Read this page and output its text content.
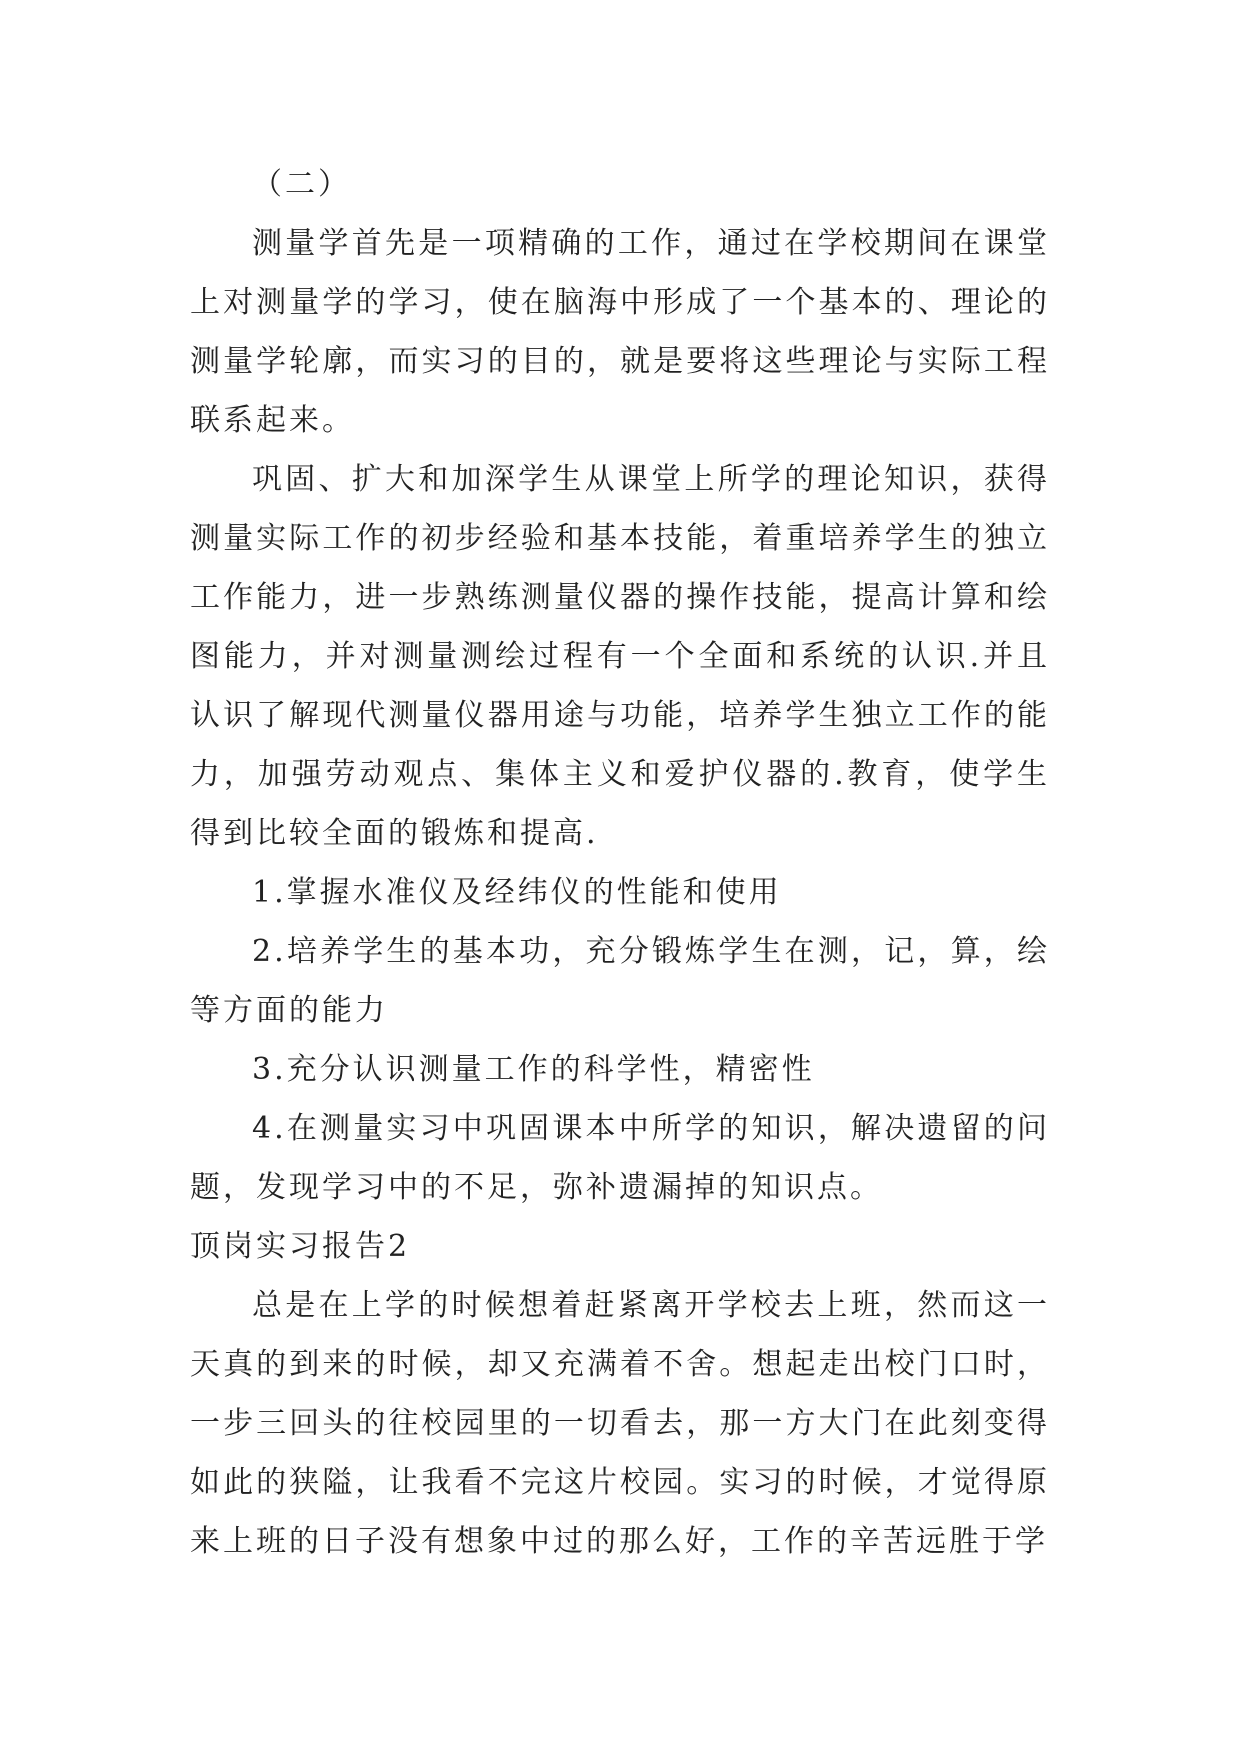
（二）

测量学首先是一项精确的工作，通过在学校期间在课堂上对测量学的学习，使在脑海中形成了一个基本的、理论的测量学轮廓，而实习的目的，就是要将这些理论与实际工程联系起来。

巩固、扩大和加深学生从课堂上所学的理论知识，获得测量实际工作的初步经验和基本技能，着重培养学生的独立工作能力，进一步熟练测量仪器的操作技能，提高计算和绘图能力，并对测量测绘过程有一个全面和系统的认识.并且认识了解现代测量仪器用途与功能，培养学生独立工作的能力，加强劳动观点、集体主义和爱护仪器的.教育，使学生得到比较全面的锻炼和提高.

1.掌握水准仪及经纬仪的性能和使用

2.培养学生的基本功，充分锻炼学生在测，记，算，绘等方面的能力

3.充分认识测量工作的科学性，精密性

4.在测量实习中巩固课本中所学的知识，解决遗留的问题，发现学习中的不足，弥补遗漏掉的知识点。

顶岗实习报告2

总是在上学的时候想着赶紧离开学校去上班，然而这一天真的到来的时候，却又充满着不舍。想起走出校门口时，一步三回头的往校园里的一切看去，那一方大门在此刻变得如此的狭隘，让我看不完这片校园。实习的时候，才觉得原来上班的日子没有想象中过的那么好，工作的辛苦远胜于学
